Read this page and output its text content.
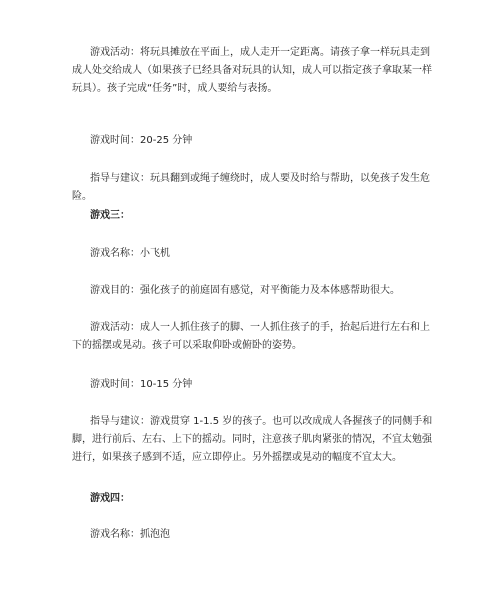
游戏活动：将玩具摊放在平面上，成人走开一定距离。请孩子拿一样玩具走到成人处交给成人（如果孩子已经具备对玩具的认知，成人可以指定孩子拿取某一样玩具）。孩子完成“任务”时，成人要给与表扬。

游戏时间：20-25 分钟

指导与建议：玩具翻到或绳子缠绕时，成人要及时给与帮助，以免孩子发生危险。

游戏三：

游戏名称：小飞机

游戏目的：强化孩子的前庭固有感觉，对平衡能力及本体感帮助很大。

游戏活动：成人一人抓住孩子的脚、一人抓住孩子的手，抬起后进行左右和上下的摇摆或晃动。孩子可以采取仰卧或俯卧的姿势。

游戏时间：10-15 分钟

指导与建议：游戏贯穿 1-1.5 岁的孩子。也可以改成成人各握孩子的同侧手和脚，进行前后、左右、上下的摇动。同时，注意孩子肌肉紧张的情况，不宜太勉强进行，如果孩子感到不适，应立即停止。另外摇摆或晃动的幅度不宜太大。

游戏四：

游戏名称：抓泡泡
